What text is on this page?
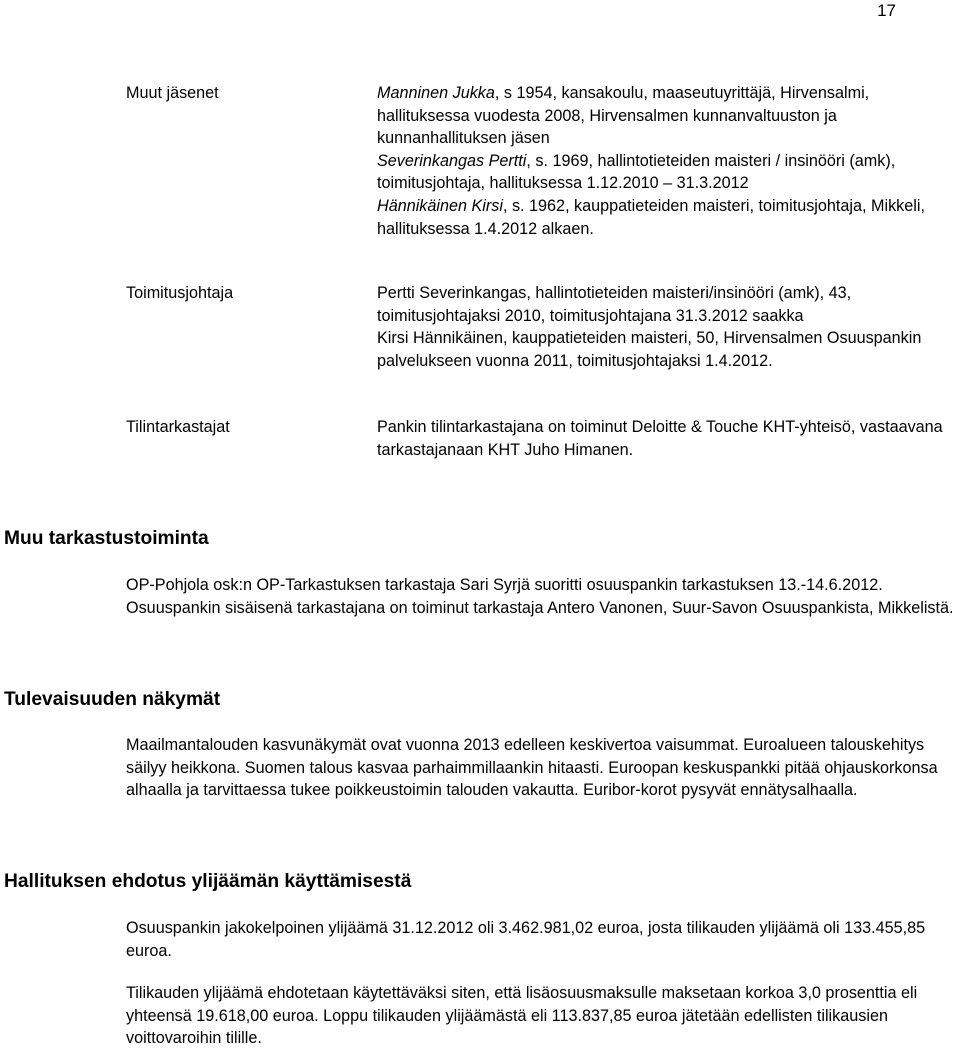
17
Muut jäsenet	Manninen Jukka, s 1954, kansakoulu, maaseutuyrittäjä, Hirvensalmi, hallituksessa vuodesta 2008, Hirvensalmen kunnanvaltuuston ja kunnanhallituksen jäsen

Severinkangas Pertti, s. 1969, hallintotieteiden maisteri / insinööri (amk), toimitusjohtaja, hallituksessa 1.12.2010 – 31.3.2012

Hännikäinen Kirsi, s. 1962, kauppatieteiden maisteri, toimitusjohtaja, Mikkeli, hallituksessa 1.4.2012 alkaen.

Toimitusjohtaja	Pertti Severinkangas, hallintotieteiden maisteri/insinööri (amk), 43, toimitusjohtajaksi 2010, toimitusjohtajana 31.3.2012 saakka

Kirsi Hännikäinen, kauppatieteiden maisteri, 50, Hirvensalmen Osuuspankin palvelukseen vuonna 2011, toimitusjohtajaksi 1.4.2012.

Tilintarkastajat	Pankin tilintarkastajana on toiminut Deloitte & Touche KHT-yhteisö, vastaavana tarkastajanaan KHT Juho Himanen.

Muu tarkastustoiminta

OP-Pohjola osk:n OP-Tarkastuksen tarkastaja Sari Syrjä suoritti osuuspankin tarkastuksen 13.-14.6.2012. Osuuspankin sisäisenä tarkastajana on toiminut tarkastaja Antero Vanonen, Suur-Savon Osuuspankista, Mikkelistä.

Tulevaisuuden näkymät

Maailmantalouden kasvunäkymät ovat vuonna 2013 edelleen keskivertoa vaisummat. Euroalueen talouskehitys säilyy heikkona. Suomen talous kasvaa parhaimmillaankin hitaasti. Euroopan keskuspankki pitää ohjauskorkonsa alhaalla ja tarvittaessa tukee poikkeustoimin talouden vakautta. Euribor-korot pysyvät ennätysalhaalla.

Hallituksen ehdotus ylijäämän käyttämisestä

Osuuspankin jakokelpoinen ylijäämä 31.12.2012 oli 3.462.981,02 euroa, josta tilikauden ylijäämä oli 133.455,85 euroa.

Tilikauden ylijäämä ehdotetaan käytettäväksi siten, että lisäosuusmaksulle maksetaan korkoa 3,0 prosenttia eli yhteensä 19.618,00 euroa. Loppu tilikauden ylijäämästä eli 113.837,85 euroa jätetään edellisten tilikausien voittovaroihin tilille.
